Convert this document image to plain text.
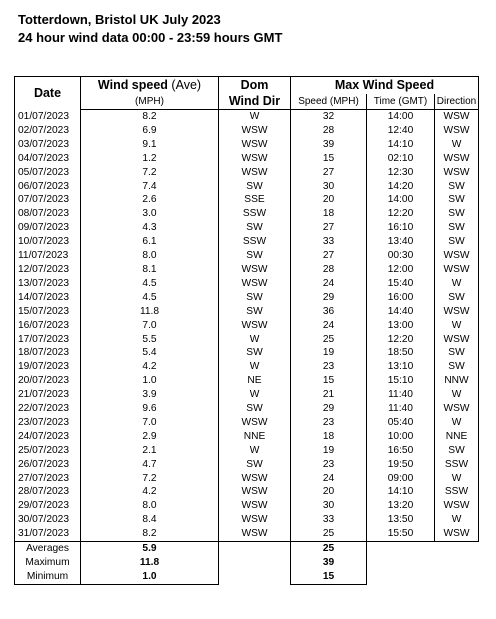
Totterdown, Bristol UK July 2023
24 hour wind data 00:00 - 23:59 hours GMT
Date	Wind speed (Ave)	Dom	Max Wind Speed		
	(MPH)	Wind Dir	Speed (MPH)	Time (GMT)	Direction
01/07/2023	8.2	W	32	14:00	WSW
02/07/2023	6.9	WSW	28	12:40	WSW
03/07/2023	9.1	WSW	39	14:10	W
04/07/2023	1.2	WSW	15	02:10	WSW
05/07/2023	7.2	WSW	27	12:30	WSW
06/07/2023	7.4	SW	30	14:20	SW
07/07/2023	2.6	SSE	20	14:00	SW
08/07/2023	3.0	SSW	18	12:20	SW
09/07/2023	4.3	SW	27	16:10	SW
10/07/2023	6.1	SSW	33	13:40	SW
11/07/2023	8.0	SW	27	00:30	WSW
12/07/2023	8.1	WSW	28	12:00	WSW
13/07/2023	4.5	WSW	24	15:40	W
14/07/2023	4.5	SW	29	16:00	SW
15/07/2023	11.8	SW	36	14:40	WSW
16/07/2023	7.0	WSW	24	13:00	W
17/07/2023	5.5	W	25	12:20	WSW
18/07/2023	5.4	SW	19	18:50	SW
19/07/2023	4.2	W	23	13:10	SW
20/07/2023	1.0	NE	15	15:10	NNW
21/07/2023	3.9	W	21	11:40	W
22/07/2023	9.6	SW	29	11:40	WSW
23/07/2023	7.0	WSW	23	05:40	W
24/07/2023	2.9	NNE	18	10:00	NNE
25/07/2023	2.1	W	19	16:50	SW
26/07/2023	4.7	SW	23	19:50	SSW
27/07/2023	7.2	WSW	24	09:00	W
28/07/2023	4.2	WSW	20	14:10	SSW
29/07/2023	8.0	WSW	30	13:20	WSW
30/07/2023	8.4	WSW	33	13:50	W
31/07/2023	8.2	WSW	25	15:50	WSW
Averages	5.9		25		
Maximum	11.8		39		
Minimum	1.0		15		
